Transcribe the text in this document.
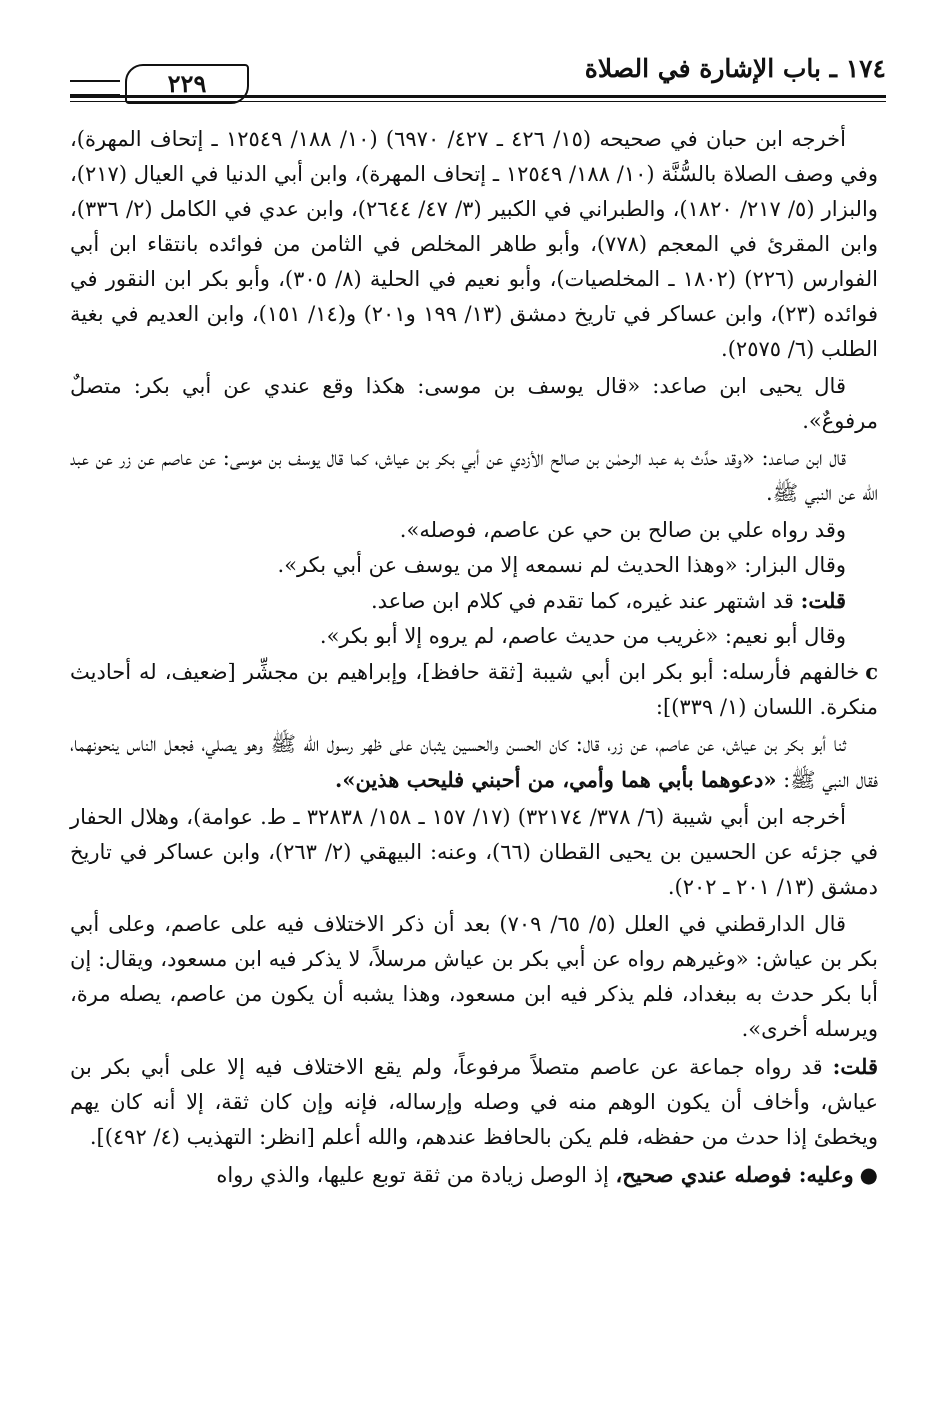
٢٢٩
١٧٤ ـ باب الإشارة في الصلاة

أخرجه ابن حبان في صحيحه (١٥/ ٤٢٦ ـ ٤٢٧/ ٦٩٧٠) (١٠/ ١٨٨/ ١٢٥٤٩ ـ إتحاف المهرة)، وفي وصف الصلاة بالسُّنَّة (١٠/ ١٨٨/ ١٢٥٤٩ ـ إتحاف المهرة)، وابن أبي الدنيا في العيال (٢١٧)، والبزار (٥/ ٢١٧/ ١٨٢٠)، والطبراني في الكبير (٣/ ٤٧/ ٢٦٤٤)، وابن عدي في الكامل (٢/ ٣٣٦)، وابن المقرئ في المعجم (٧٧٨)، وأبو طاهر المخلص في الثامن من فوائده بانتقاء ابن أبي الفوارس (٢٢٦) (١٨٠٢ ـ المخلصيات)، وأبو نعيم في الحلية (٨/ ٣٠٥)، وأبو بكر ابن النقور في فوائده (٢٣)، وابن عساكر في تاريخ دمشق (١٣/ ١٩٩ و٢٠١) و(١٤/ ١٥١)، وابن العديم في بغية الطلب (٦/ ٢٥٧٥).

قال يحيى ابن صاعد: «قال يوسف بن موسى: هكذا وقع عندي عن أبي بكر: متصلٌ مرفوعٌ».

قال ابن صاعد: «وقد حدَّث به عبد الرحمٰن بن صالح الأزدي عن أبي بكر بن عياش، كما قال يوسف بن موسى: عن عاصم عن زر عن عبد الله عن النبي ﷺ.

وقد رواه علي بن صالح بن حي عن عاصم، فوصله».

وقال البزار: «وهذا الحديث لم نسمعه إلا من يوسف عن أبي بكر».

قلت: قد اشتهر عند غيره، كما تقدم في كلام ابن صاعد.

وقال أبو نعيم: «غريب من حديث عاصم، لم يروه إلا أبو بكر».

cخالفهم فأرسله: أبو بكر ابن أبي شيبة [ثقة حافظ]، وإبراهيم بن مجشِّر [ضعيف، له أحاديث منكرة. اللسان (١/ ٣٣٩)]:

ثنا أبو بكر بن عياش، عن عاصم، عن زر، قال: كان الحسن والحسين يثبان على ظهر رسول الله ﷺ وهو يصلي، فجعل الناس ينحونهما، فقال النبي ﷺ: «دعوهما بأبي هما وأمي، من أحبني فليحب هذين».

أخرجه ابن أبي شيبة (٦/ ٣٧٨/ ٣٢١٧٤) (١٧/ ١٥٧ ـ ١٥٨/ ٣٢٨٣٨ ـ ط. عوامة)، وهلال الحفار في جزئه عن الحسين بن يحيى القطان (٦٦)، وعنه: البيهقي (٢/ ٢٦٣)، وابن عساكر في تاريخ دمشق (١٣/ ٢٠١ ـ ٢٠٢).

قال الدارقطني في العلل (٥/ ٦٥/ ٧٠٩) بعد أن ذكر الاختلاف فيه على عاصم، وعلى أبي بكر بن عياش: «وغيرهم رواه عن أبي بكر بن عياش مرسلاً، لا يذكر فيه ابن مسعود، ويقال: إن أبا بكر حدث به ببغداد، فلم يذكر فيه ابن مسعود، وهذا يشبه أن يكون من عاصم، يصله مرة، ويرسله أخرى».

قلت: قد رواه جماعة عن عاصم متصلاً مرفوعاً، ولم يقع الاختلاف فيه إلا على أبي بكر بن عياش، وأخاف أن يكون الوهم منه في وصله وإرساله، فإنه وإن كان ثقة، إلا أنه كان يهم ويخطئ إذا حدث من حفظه، فلم يكن بالحافظ عندهم، والله أعلم [انظر: التهذيب (٤/ ٤٩٢)].

●وعليه: فوصله عندي صحيح، إذ الوصل زيادة من ثقة توبع عليها، والذي رواه
